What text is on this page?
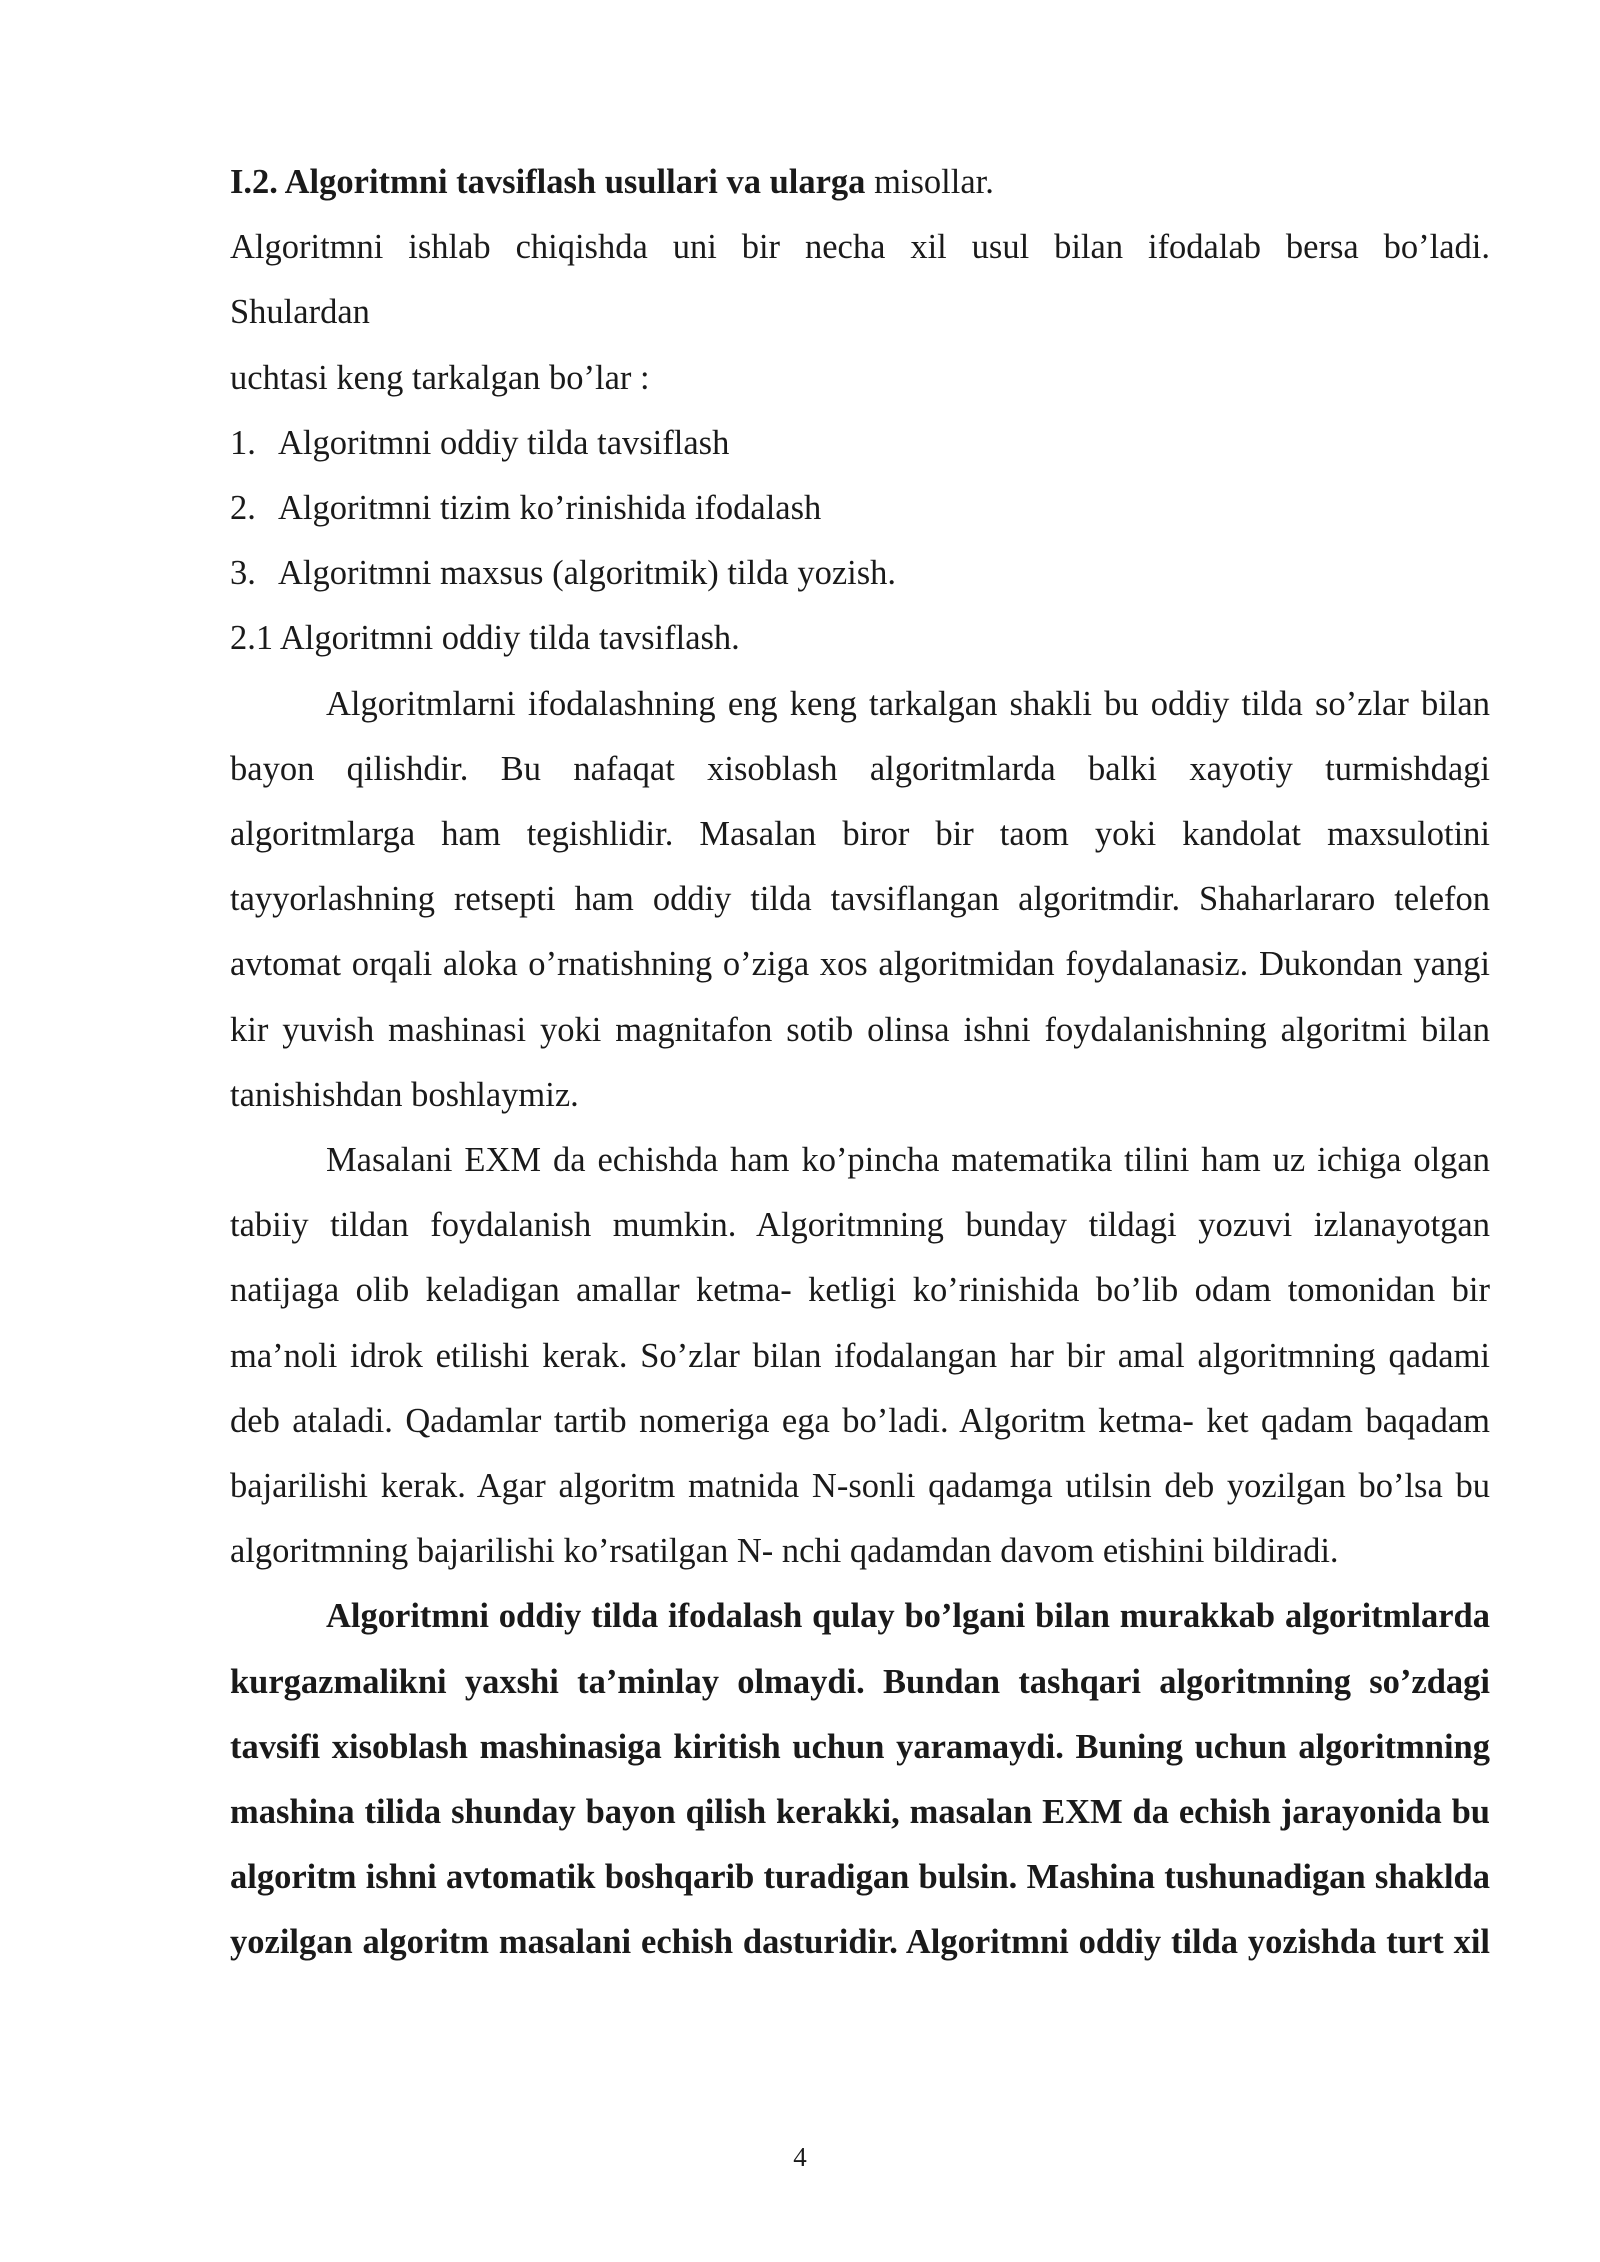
I.2. Algoritmni tavsiflash usullari va ularga misollar.

Algoritmni ishlab chiqishda uni bir necha xil usul bilan ifodalab bersa bo’ladi.

Shulardan

uchtasi keng tarkalgan bo’lar :

1. Algoritmni oddiy tilda tavsiflash
2. Algoritmni tizim ko’rinishida ifodalash
3. Algoritmni maxsus (algoritmik) tilda yozish.

2.1 Algoritmni oddiy tilda tavsiflash.

Algoritmlarni ifodalashning eng keng tarkalgan shakli bu oddiy tilda so’zlar bilan bayon qilishdir. Bu nafaqat xisoblash algoritmlarda balki xayotiy turmishdagi algoritmlarga ham tegishlidir. Masalan biror bir taom yoki kandolat maxsulotini tayyorlashning retsepti ham oddiy tilda tavsiflangan algoritmdir. Shaharlararo telefon avtomat orqali aloka o’rnatishning o’ziga xos algoritmidan foydalanasiz. Dukondan yangi kir yuvish mashinasi yoki magnitafon sotib olinsa ishni foydalanishning algoritmi bilan tanishishdan boshlaymiz.

Masalani EXM da echishda ham ko’pincha matematika tilini ham uz ichiga olgan tabiiy tildan foydalanish mumkin. Algoritmning bunday tildagi yozuvi izlanayotgan natijaga olib keladigan amallar ketma- ketligi ko’rinishida bo’lib odam tomonidan bir ma’noli idrok etilishi kerak. So’zlar bilan ifodalangan har bir amal algoritmning qadami deb ataladi. Qadamlar tartib nomeriga ega bo’ladi. Algoritm ketma- ket qadam baqadam bajarilishi kerak. Agar algoritm matnida N-sonli qadamga utilsin deb yozilgan bo’lsa bu algoritmning bajarilishi ko’rsatilgan N- nchi qadamdan davom etishini bildiradi.

Algoritmni oddiy tilda ifodalash qulay bo’lgani bilan murakkab algoritmlarda kurgazmalikni yaxshi ta’minlay olmaydi. Bundan tashqari algoritmning so’zdagi tavsifi xisoblash mashinasiga kiritish uchun yaramaydi. Buning uchun algoritmning mashina tilida shunday bayon qilish kerakki, masalan EXM da echish jarayonida bu algoritm ishni avtomatik boshqarib turadigan bulsin. Mashina tushunadigan shaklda yozilgan algoritm masalani echish dasturidir. Algoritmni oddiy tilda yozishda turt xil

4
